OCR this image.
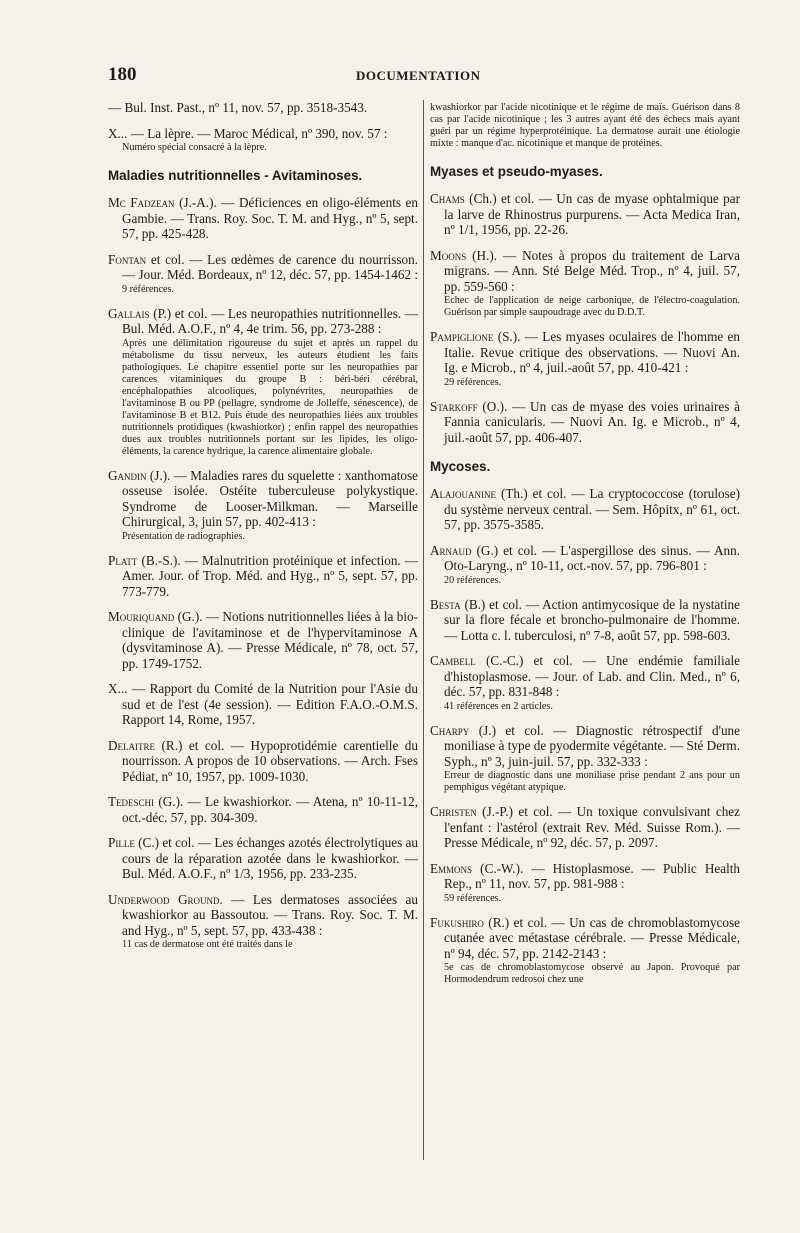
180	DOCUMENTATION
— Bul. Inst. Past., nº 11, nov. 57, pp. 3518-3543.
X... — La lèpre. — Maroc Médical, nº 390, nov. 57 :
Numéro spécial consacré à la lèpre.
Maladies nutritionnelles - Avitaminoses.
Mc Fadzean (J.-A.). — Déficiences en oligo-éléments en Gambie. — Trans. Roy. Soc. T. M. and Hyg., nº 5, sept. 57, pp. 425-428.
Fontan et col. — Les œdèmes de carence du nourrisson. — Jour. Méd. Bordeaux, nº 12, déc. 57, pp. 1454-1462 :
9 références.
Gallais (P.) et col. — Les neuropathies nutritionnelles. — Bul. Méd. A.O.F., nº 4, 4e trim. 56, pp. 273-288 :
Après une délimitation rigoureuse du sujet et après un rappel du métabolisme du tissu nerveux, les auteurs étudient les faits pathologiques. Le chapitre essentiel porte sur les neuropathies par carences vitaminiques du groupe B : béri-béri cérébral, encéphalopathies alcooliques, polynévrites, neuropathies de l'avitaminose B ou PP (pellagre, syndrome de Jolleffe, sénescence), de l'avitaminose B et B12. Puis étude des neuropathies liées aux troubles nutritionnels protidiques (kwashiorkor) ; enfin rappel des neuropathies dues aux troubles nutritionnels portant sur les lipides, les oligo-éléments, la carence hydrique, la carence alimentaire globale.
Gandin (J.). — Maladies rares du squelette : xanthomatose osseuse isolée. Ostéite tuberculeuse polykystique. Syndrome de Looser-Milkman. — Marseille Chirurgical, 3, juin 57, pp. 402-413 :
Présentation de radiographies.
Platt (B.-S.). — Malnutrition protéinique et infection. — Amer. Jour. of Trop. Méd. and Hyg., nº 5, sept. 57, pp. 773-779.
Mouriquand (G.). — Notions nutritionnelles liées à la bio-clinique de l'avitaminose et de l'hypervitaminose A (dysvitaminose A). — Presse Médicale, nº 78, oct. 57, pp. 1749-1752.
X... — Rapport du Comité de la Nutrition pour l'Asie du sud et de l'est (4e session). — Edition F.A.O.-O.M.S. Rapport 14, Rome, 1957.
Delaitre (R.) et col. — Hypoprotidémie carentielle du nourrisson. A propos de 10 observations. — Arch. Fses Pédiat, nº 10, 1957, pp. 1009-1030.
Tedeschi (G.). — Le kwashiorkor. — Atena, nº 10-11-12, oct.-déc. 57, pp. 304-309.
Pille (C.) et col. — Les échanges azotés électrolytiques au cours de la réparation azotée dans le kwashiorkor. — Bul. Méd. A.O.F., nº 1/3, 1956, pp. 233-235.
Underwood Ground. — Les dermatoses associées au kwashiorkor au Bassoutou. — Trans. Roy. Soc. T. M. and Hyg., nº 5, sept. 57, pp. 433-438 :
11 cas de dermatose ont été traités dans le
kwashiorkor par l'acide nicotinique et le régime de maïs. Guérison dans 8 cas par l'acide nicotinique ; les 3 autres ayant été des échecs mais ayant guéri par un régime hyperprotéinique. La dermatose aurait une étiologie mixte : manque d'ac. nicotinique et manque de protéines.
Myases et pseudo-myases.
Chams (Ch.) et col. — Un cas de myase ophtalmique par la larve de Rhinostrus purpurens. — Acta Medica Iran, nº 1/1, 1956, pp. 22-26.
Moons (H.). — Notes à propos du traitement de Larva migrans. — Ann. Sté Belge Méd. Trop., nº 4, juil. 57, pp. 559-560 :
Echec de l'application de neige carbonique, de l'électro-coagulation. Guérison par simple saupoudrage avec du D.D.T.
Pampiglione (S.). — Les myases oculaires de l'homme en Italie. Revue critique des observations. — Nuovi An. Ig. e Microb., nº 4, juil.-août 57, pp. 410-421 :
29 références.
Starkoff (O.). — Un cas de myase des voies urinaires à Fannia canicularis. — Nuovi An. Ig. e Microb., nº 4, juil.-août 57, pp. 406-407.
Mycoses.
Alajouanine (Th.) et col. — La cryptococcose (torulose) du système nerveux central. — Sem. Hôpitx, nº 61, oct. 57, pp. 3575-3585.
Arnaud (G.) et col. — L'aspergillose des sinus. — Ann. Oto-Laryng., nº 10-11, oct.-nov. 57, pp. 796-801 :
20 références.
Besta (B.) et col. — Action antimycosique de la nystatine sur la flore fécale et broncho-pulmonaire de l'homme. — Lotta c. l. tuberculosi, nº 7-8, août 57, pp. 598-603.
Cambell (C.-C.) et col. — Une endémie familiale d'histoplasmose. — Jour. of Lab. and Clin. Med., nº 6, déc. 57, pp. 831-848 :
41 références en 2 articles.
Charpy (J.) et col. — Diagnostic rétrospectif d'une moniliase à type de pyodermite végétante. — Sté Derm. Syph., nº 3, juin-juil. 57, pp. 332-333 :
Erreur de diagnostic dans une moniliase prise pendant 2 ans pour un pemphigus végétant atypique.
Christen (J.-P.) et col. — Un toxique convulsivant chez l'enfant : l'astérol (extrait Rev. Méd. Suisse Rom.). — Presse Médicale, nº 92, déc. 57, p. 2097.
Emmons (C.-W.). — Histoplasmose. — Public Health Rep., nº 11, nov. 57, pp. 981-988 :
59 références.
Fukushiro (R.) et col. — Un cas de chromoblastomycose cutanée avec métastase cérébrale. — Presse Médicale, nº 94, déc. 57, pp. 2142-2143 :
5e cas de chromoblastomycose observé au Japon. Provoqué par Hormodendrum redrosoi chez une
